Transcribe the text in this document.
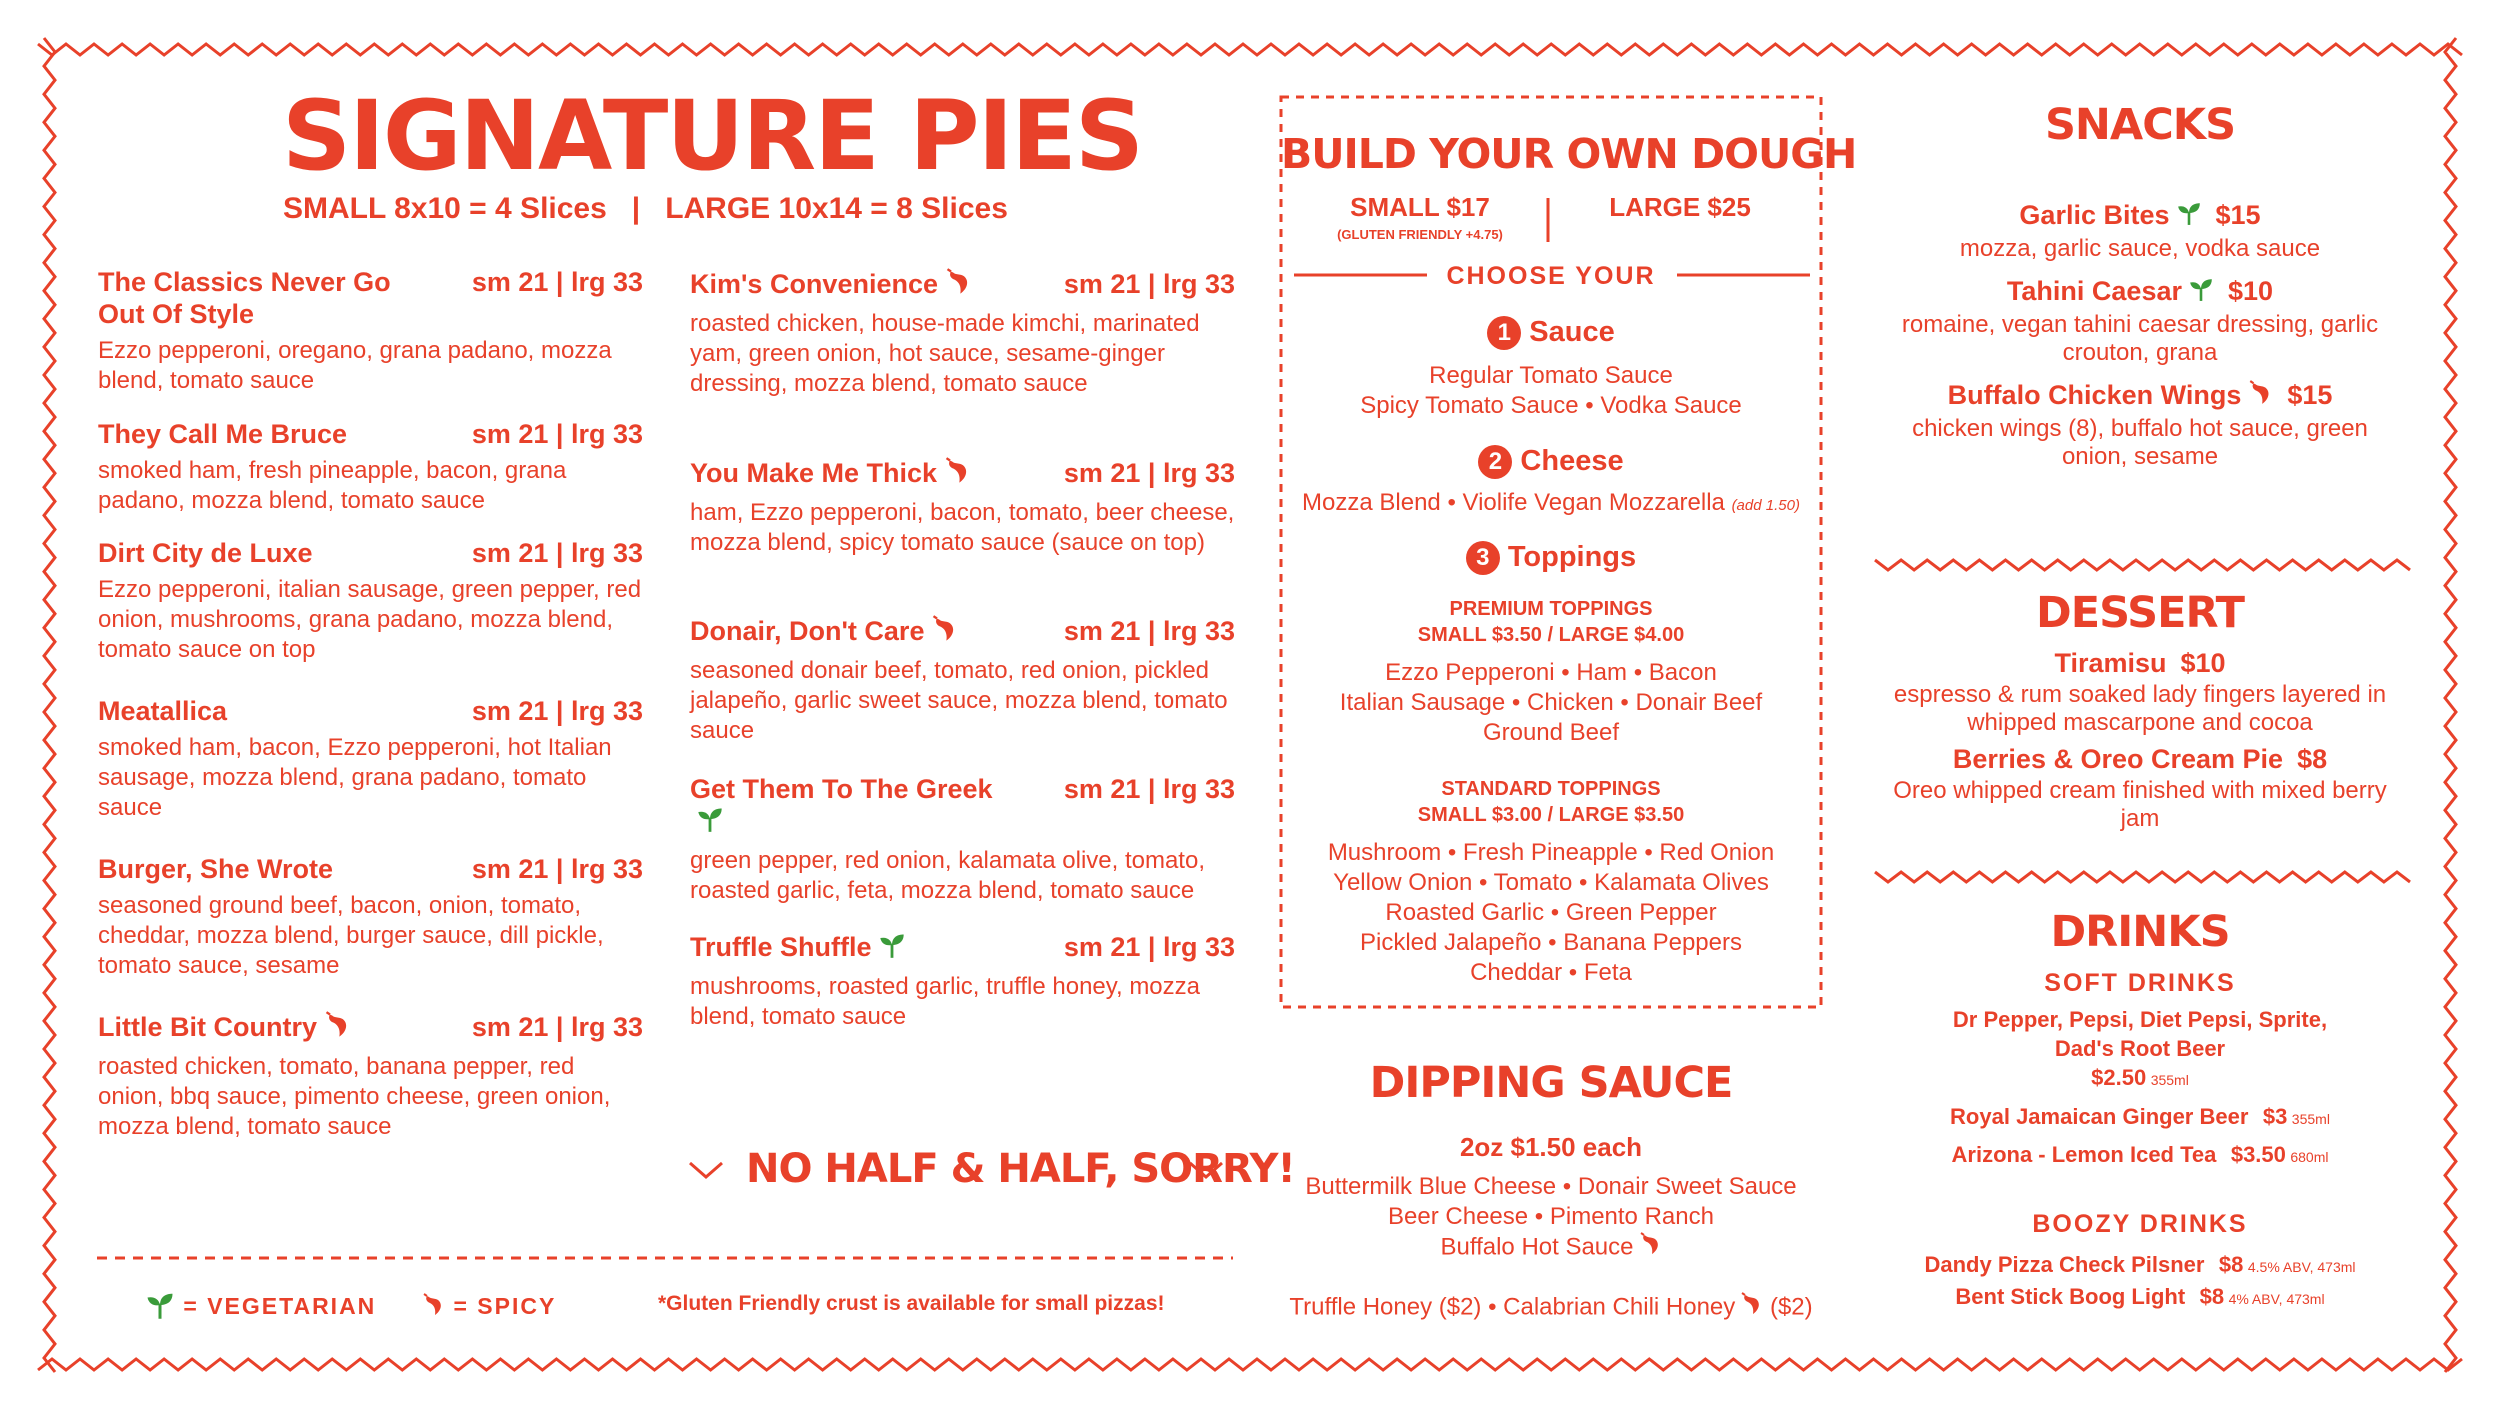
SIGNATURE PIES
SMALL 8x10 = 4 Slices   |   LARGE 10x14 = 8 Slices
The Classics Never Go Out Of Style
sm 21 | lrg 33
Ezzo pepperoni, oregano, grana padano, mozza blend, tomato sauce
They Call Me Bruce	sm 21 | lrg 33
smoked ham, fresh pineapple, bacon, grana padano, mozza blend, tomato sauce
Dirt City de Luxe	sm 21 | lrg 33
Ezzo pepperoni, italian sausage, green pepper, red onion, mushrooms, grana padano, mozza blend, tomato sauce on top
Meatallica	sm 21 | lrg 33
smoked ham, bacon, Ezzo pepperoni, hot Italian sausage, mozza blend, grana padano, tomato sauce
Burger, She Wrote	sm 21 | lrg 33
seasoned ground beef, bacon, onion, tomato, cheddar, mozza blend, burger sauce, dill pickle, tomato sauce, sesame
Little Bit Country	sm 21 | lrg 33
roasted chicken, tomato, banana pepper, red onion, bbq sauce, pimento cheese, green onion, mozza blend, tomato sauce
Kim's Convenience	sm 21 | lrg 33
roasted chicken, house-made kimchi, marinated yam, green onion, hot sauce, sesame-ginger dressing, mozza blend, tomato sauce
You Make Me Thick	sm 21 | lrg 33
ham, Ezzo pepperoni, bacon, tomato, beer cheese, mozza blend, spicy tomato sauce (sauce on top)
Donair, Don't Care	sm 21 | lrg 33
seasoned donair beef, tomato, red onion, pickled jalapeño, garlic sweet sauce, mozza blend, tomato sauce
Get Them To The Greek	sm 21 | lrg 33
green pepper, red onion, kalamata olive, tomato, roasted garlic, feta, mozza blend, tomato sauce
Truffle Shuffle	sm 21 | lrg 33
mushrooms, roasted garlic, truffle honey, mozza blend, tomato sauce
NO HALF & HALF, SORRY!
= VEGETARIAN	= SPICY	*Gluten Friendly crust is available for small pizzas!
BUILD YOUR OWN DOUGH
SMALL $17
(GLUTEN FRIENDLY +4.75)
LARGE $25
CHOOSE YOUR
1 Sauce
Regular Tomato Sauce
Spicy Tomato Sauce • Vodka Sauce
2 Cheese
Mozza Blend • Violife Vegan Mozzarella (add 1.50)
3 Toppings
PREMIUM TOPPINGS
SMALL $3.50 / LARGE $4.00
Ezzo Pepperoni • Ham • Bacon
Italian Sausage • Chicken • Donair Beef
Ground Beef
STANDARD TOPPINGS
SMALL $3.00 / LARGE $3.50
Mushroom • Fresh Pineapple • Red Onion
Yellow Onion • Tomato • Kalamata Olives
Roasted Garlic • Green Pepper
Pickled Jalapeño • Banana Peppers
Cheddar • Feta
DIPPING SAUCE
2oz $1.50 each
Buttermilk Blue Cheese • Donair Sweet Sauce
Beer Cheese • Pimento Ranch
Buffalo Hot Sauce
Truffle Honey ($2) • Calabrian Chili Honey ($2)
SNACKS
Garlic Bites $15
mozza, garlic sauce, vodka sauce
Tahini Caesar $10
romaine, vegan tahini caesar dressing, garlic crouton, grana
Buffalo Chicken Wings $15
chicken wings (8), buffalo hot sauce, green onion, sesame
DESSERT
Tiramisu $10
espresso & rum soaked lady fingers layered in whipped mascarpone and cocoa
Berries & Oreo Cream Pie $8
Oreo whipped cream finished with mixed berry jam
DRINKS
SOFT DRINKS
Dr Pepper, Pepsi, Diet Pepsi, Sprite,
Dad's Root Beer
$2.50 355ml
Royal Jamaican Ginger Beer $3 355ml
Arizona - Lemon Iced Tea $3.50 680ml
BOOZY DRINKS
Dandy Pizza Check Pilsner $8 4.5% ABV, 473ml
Bent Stick Boog Light $8 4% ABV, 473ml
